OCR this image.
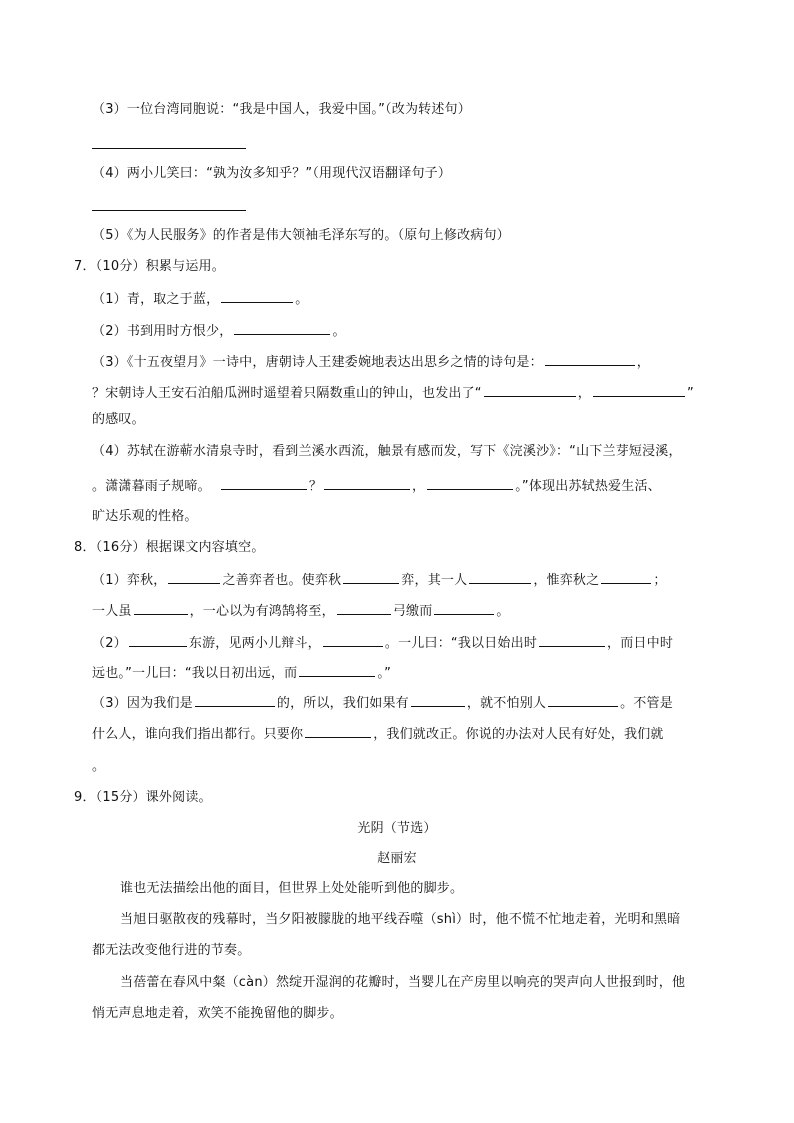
（3）一位台湾同胞说：“我是中国人，我爱中国。”（改为转述句）
（4）两小儿笑曰：“孰为汝多知乎？”（用现代汉语翻译句子）
（5）《为人民服务》的作者是伟大领袖毛泽东写的。（原句上修改病句）
7．（10分）积累与运用。
（1）青，取之于蓝，	。
（2）书到用时方恨少，	。
（3）《十五夜望月》一诗中，唐朝诗人王建委婉地表达出思乡之情的诗句是：	，
？宋朝诗人王安石泊船瓜洲时遥望着只隔数重山的钟山，也发出了“	，	”
的感叹。
（4）苏轼在游蕲水清泉寺时，看到兰溪水西流，触景有感而发，写下《浣溪沙》：“山下兰芽短浸溪，
。潇潇暮雨子规啼。	？	，	。”体现出苏轼热爱生活、
旷达乐观的性格。
8．（16分）根据课文内容填空。
（1）弈秋，	之善弈者也。使弈秋	弈，其一人	，惟弈秋之	；
一人虽	，一心以为有鸿鹄将至，	弓缴而	。
（2）	东游，见两小儿辩斗，	。一儿曰：“我以日始出时	，而日中时
远也。”一儿曰：“我以日初出远，而	。”
（3）因为我们是	的，所以，我们如果有	，就不怕别人	。不管是
什么人，谁向我们指出都行。只要你	，我们就改正。你说的办法对人民有好处，我们就
。
9．（15分）课外阅读。
光阴（节选）
赵丽宏
谁也无法描绘出他的面目，但世界上处处能听到他的脚步。
当旭日驱散夜的残幕时，当夕阳被朦胧的地平线吞噬（shì）时，他不慌不忙地走着，光明和黑暗
都无法改变他行进的节奏。
当蓓蕾在春风中粲（càn）然绽开湿润的花瓣时，当婴儿在产房里以响亮的哭声向人世报到时，他
悄无声息地走着，欢笑不能挽留他的脚步。
